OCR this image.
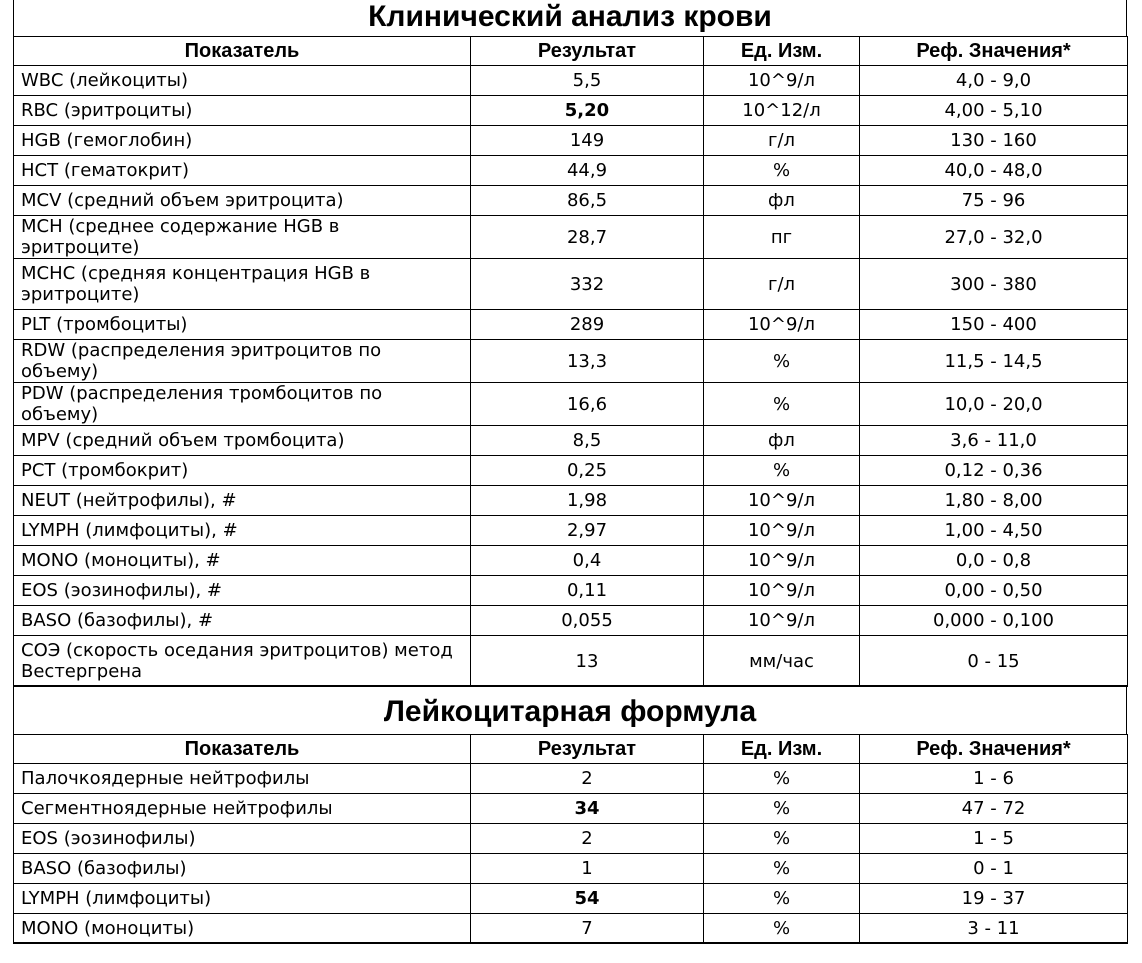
Клинический анализ крови
Показатель	Результат	Ед. Изм.	Реф. Значения*
WBC (лейкоциты)	5,5	10^9/л	4,0 - 9,0
RBC (эритроциты)	5,20	10^12/л	4,00 - 5,10
HGB (гемоглобин)	149	г/л	130 - 160
HCT (гематокрит)	44,9	%	40,0 - 48,0
MCV (средний объем эритроцита)	86,5	фл	75 - 96
MCH (среднее содержание HGB в эритроците)	28,7	пг	27,0 - 32,0
MCHC (средняя концентрация HGB в эритроците)	332	г/л	300 - 380
PLT (тромбоциты)	289	10^9/л	150 - 400
RDW (распределения эритроцитов по объему)	13,3	%	11,5 - 14,5
PDW (распределения тромбоцитов по объему)	16,6	%	10,0 - 20,0
MPV (средний объем тромбоцита)	8,5	фл	3,6 - 11,0
PCT (тромбокрит)	0,25	%	0,12 - 0,36
NEUT (нейтрофилы), #	1,98	10^9/л	1,80 - 8,00
LYMPH (лимфоциты), #	2,97	10^9/л	1,00 - 4,50
MONO (моноциты), #	0,4	10^9/л	0,0 - 0,8
EOS (эозинофилы), #	0,11	10^9/л	0,00 - 0,50
BASO (базофилы), #	0,055	10^9/л	0,000 - 0,100
СОЭ (скорость оседания эритроцитов) метод Вестергрена	13	мм/час	0 - 15
Лейкоцитарная формула
Показатель	Результат	Ед. Изм.	Реф. Значения*
Палочкоядерные нейтрофилы	2	%	1 - 6
Сегментноядерные нейтрофилы	34	%	47 - 72
EOS (эозинофилы)	2	%	1 - 5
BASO (базофилы)	1	%	0 - 1
LYMPH (лимфоциты)	54	%	19 - 37
MONO (моноциты)	7	%	3 - 11
